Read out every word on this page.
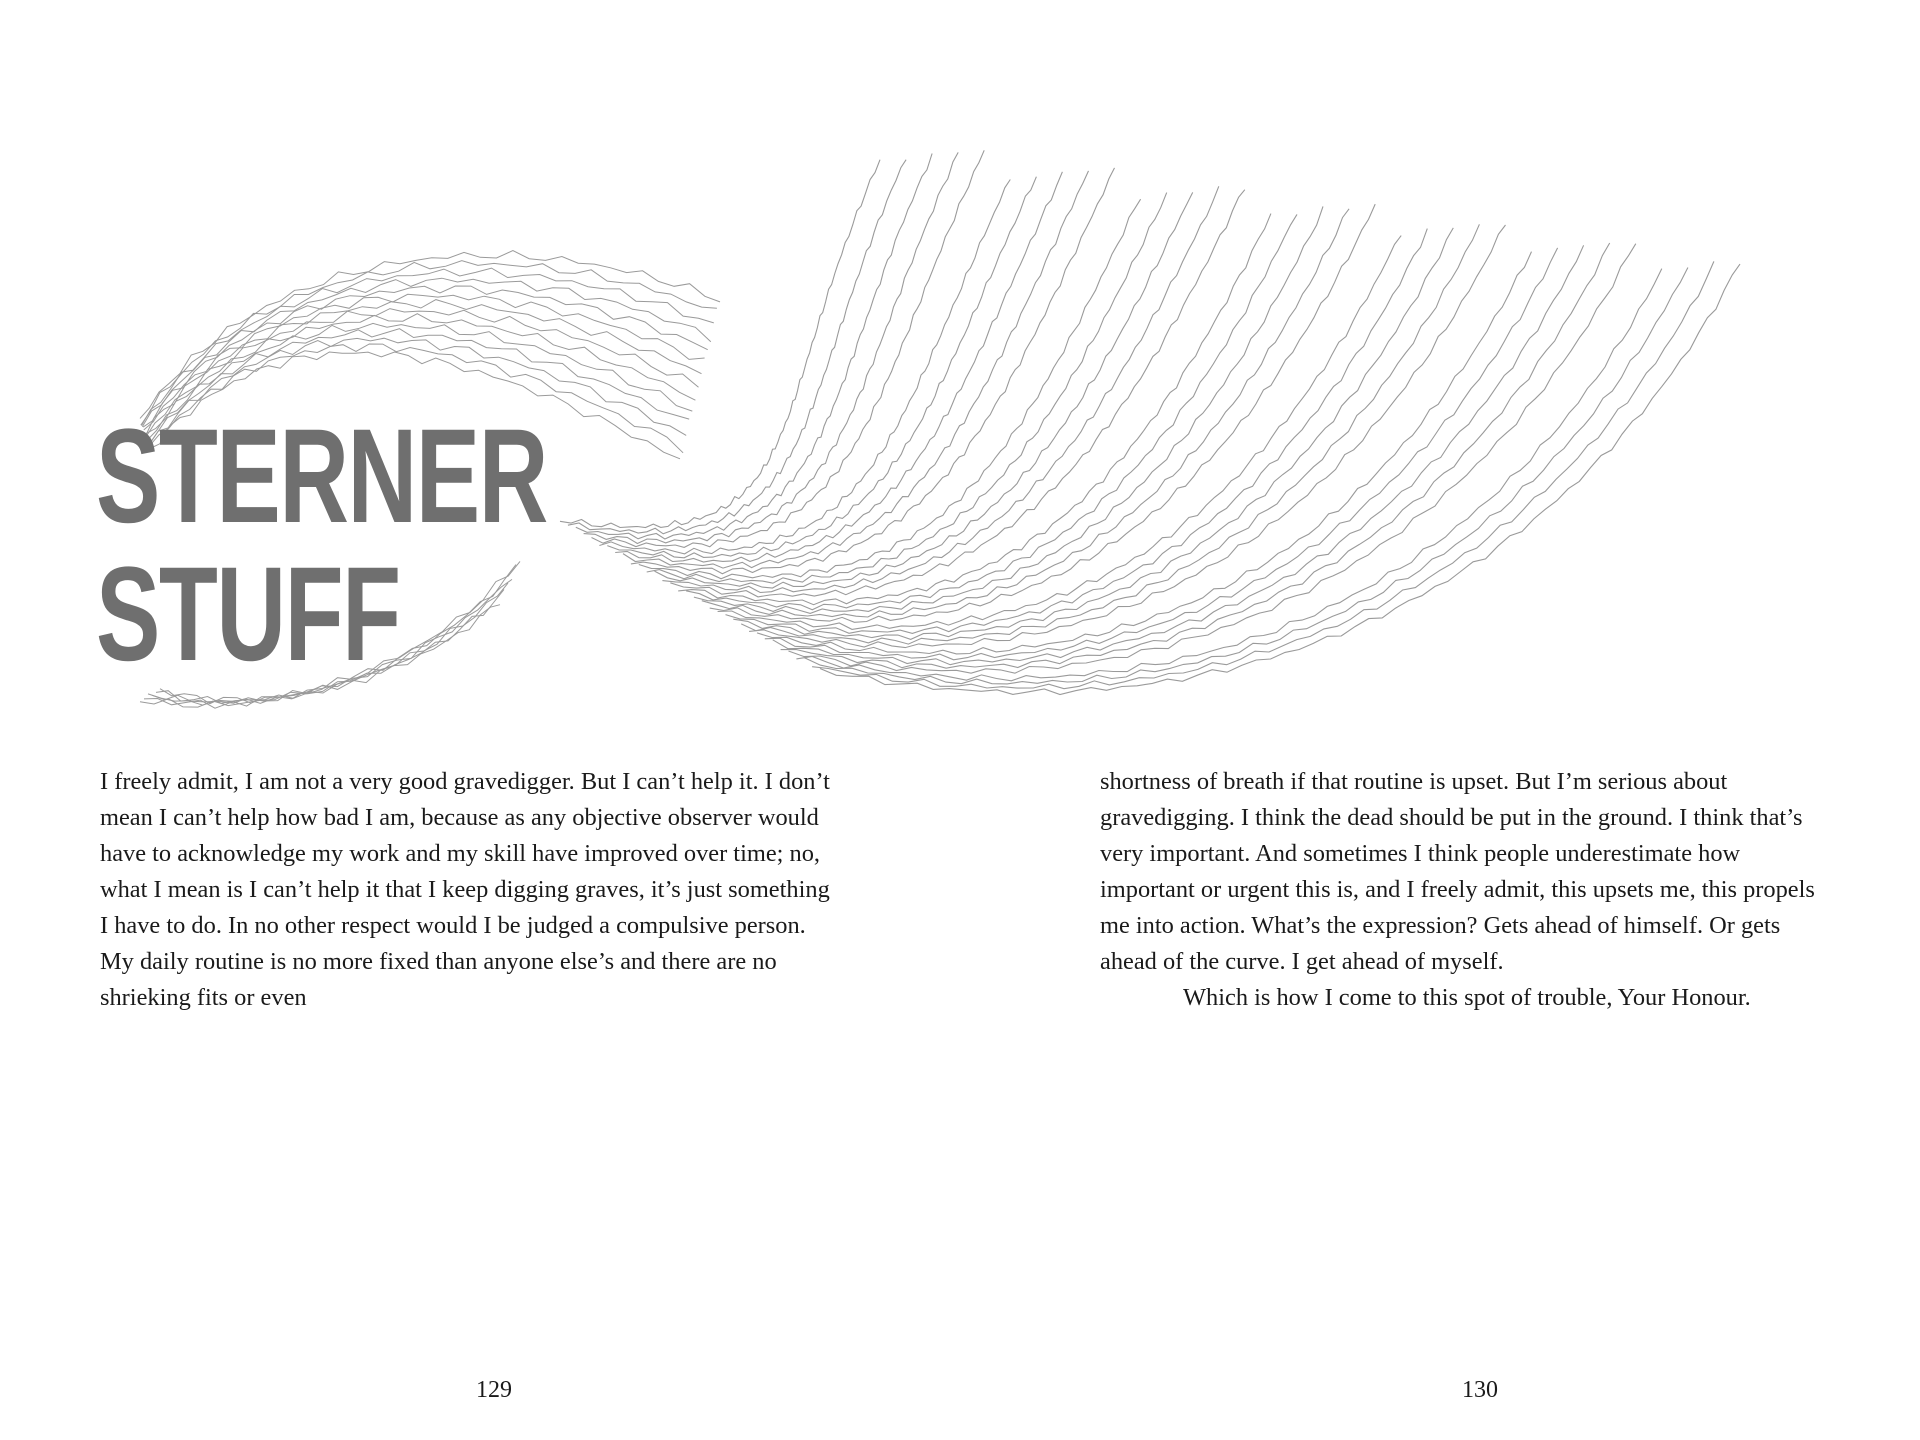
STERNER
STUFF

I freely admit, I am not a very good gravedigger. But I can’t help it. I don’t mean I can’t help how bad I am, because as any objective observer would have to acknowledge my work and my skill have improved over time; no, what I mean is I can’t help it that I keep digging graves, it’s just something I have to do. In no other respect would I be judged a compulsive person. My daily routine is no more fixed than anyone else’s and there are no shrieking fits or even

shortness of breath if that routine is upset. But I’m serious about gravedigging. I think the dead should be put in the ground. I think that’s very important. And sometimes I think people underestimate how important or urgent this is, and I freely admit, this upsets me, this propels me into action. What’s the expression? Gets ahead of himself. Or gets ahead of the curve. I get ahead of myself.

Which is how I come to this spot of trouble, Your Honour.

129	130
